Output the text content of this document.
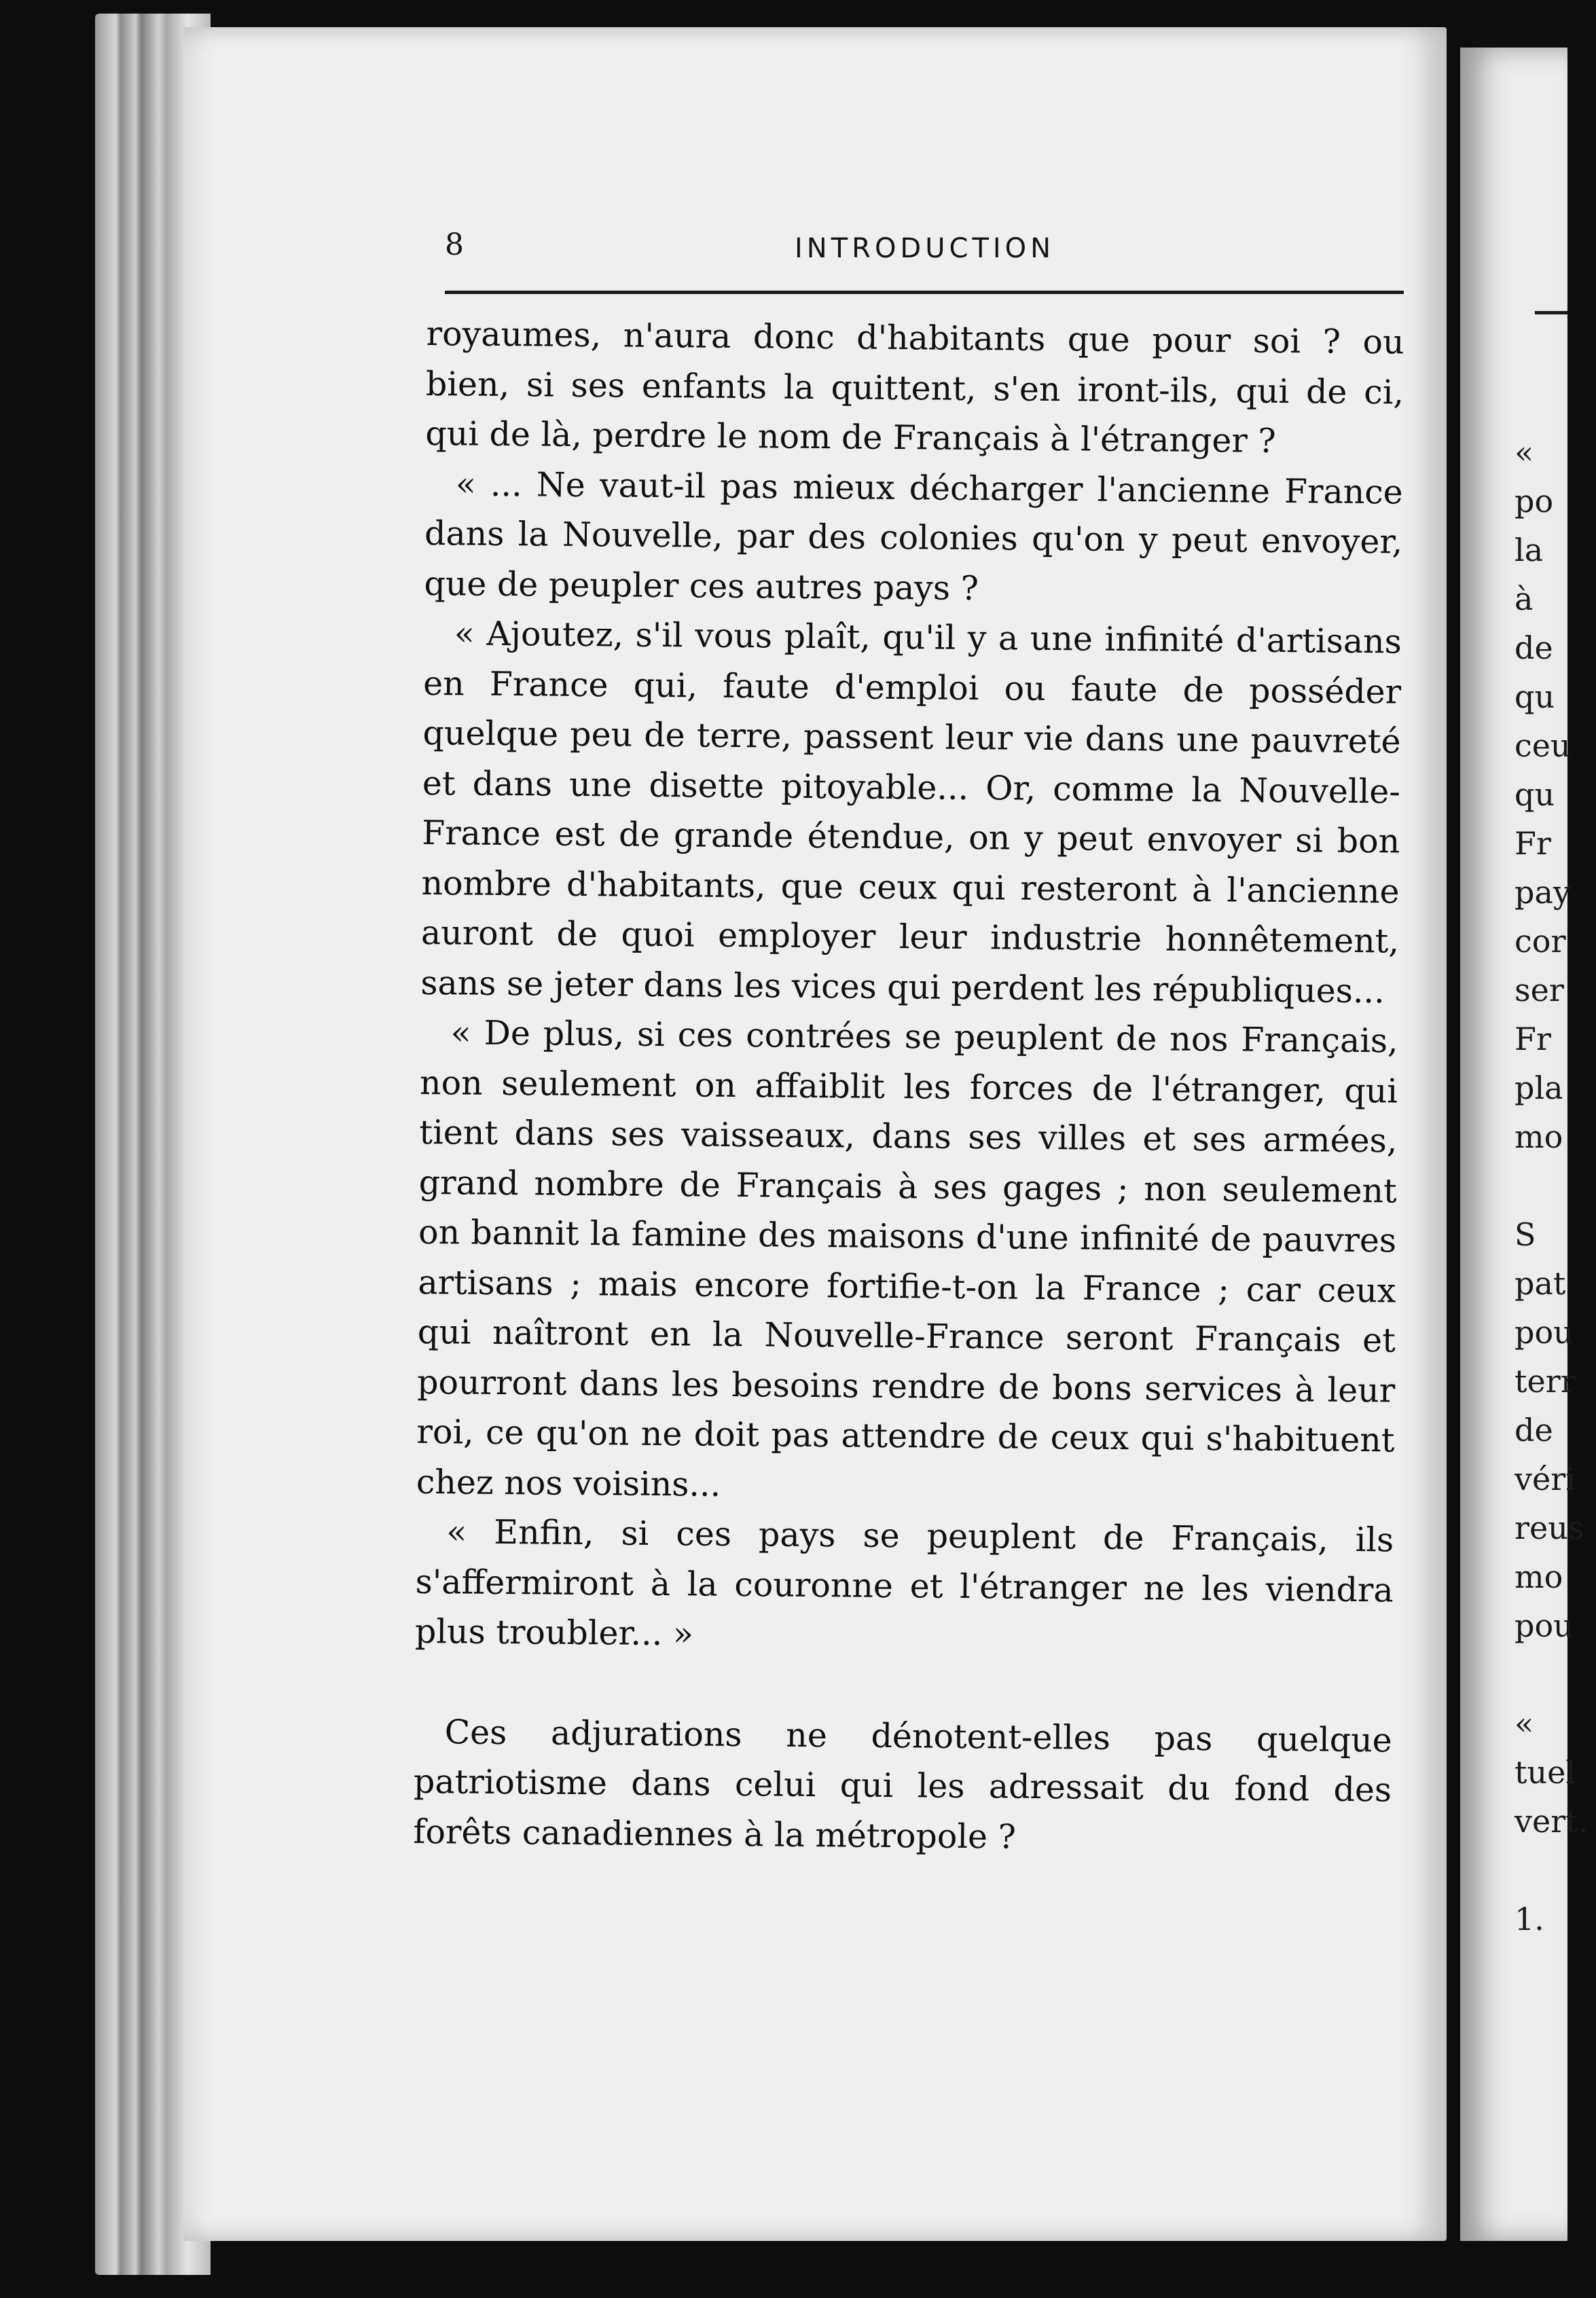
«
po
la
à
de
qu
ceu
qu
Fr
pay
cor
ser
Fr
pla
mo
S
pat
pou
terr
de
véri
reus
mo
pou
«
tuel
vert.
1.
8	INTRODUCTION

royaumes, n'aura donc d'habitants que pour soi ? ou bien, si ses enfants la quittent, s'en iront-ils, qui de ci, qui de là, perdre le nom de Français à l'étranger ?

« ... Ne vaut-il pas mieux décharger l'ancienne France dans la Nouvelle, par des colonies qu'on y peut envoyer, que de peupler ces autres pays ?

« Ajoutez, s'il vous plaît, qu'il y a une infinité d'artisans en France qui, faute d'emploi ou faute de posséder quelque peu de terre, passent leur vie dans une pauvreté et dans une disette pitoyable... Or, comme la Nouvelle-France est de grande étendue, on y peut envoyer si bon nombre d'habitants, que ceux qui resteront à l'ancienne auront de quoi employer leur industrie honnêtement, sans se jeter dans les vices qui perdent les républiques...

« De plus, si ces contrées se peuplent de nos Français, non seulement on affaiblit les forces de l'étranger, qui tient dans ses vaisseaux, dans ses villes et ses armées, grand nombre de Français à ses gages ; non seulement on bannit la famine des maisons d'une infinité de pauvres artisans ; mais encore fortifie-t-on la France ; car ceux qui naîtront en la Nouvelle-France seront Français et pourront dans les besoins rendre de bons services à leur roi, ce qu'on ne doit pas attendre de ceux qui s'habituent chez nos voisins...

« Enfin, si ces pays se peuplent de Français, ils s'affermiront à la couronne et l'étranger ne les viendra plus troubler... »

Ces adjurations ne dénotent-elles pas quelque patriotisme dans celui qui les adressait du fond des forêts canadiennes à la métropole ?
